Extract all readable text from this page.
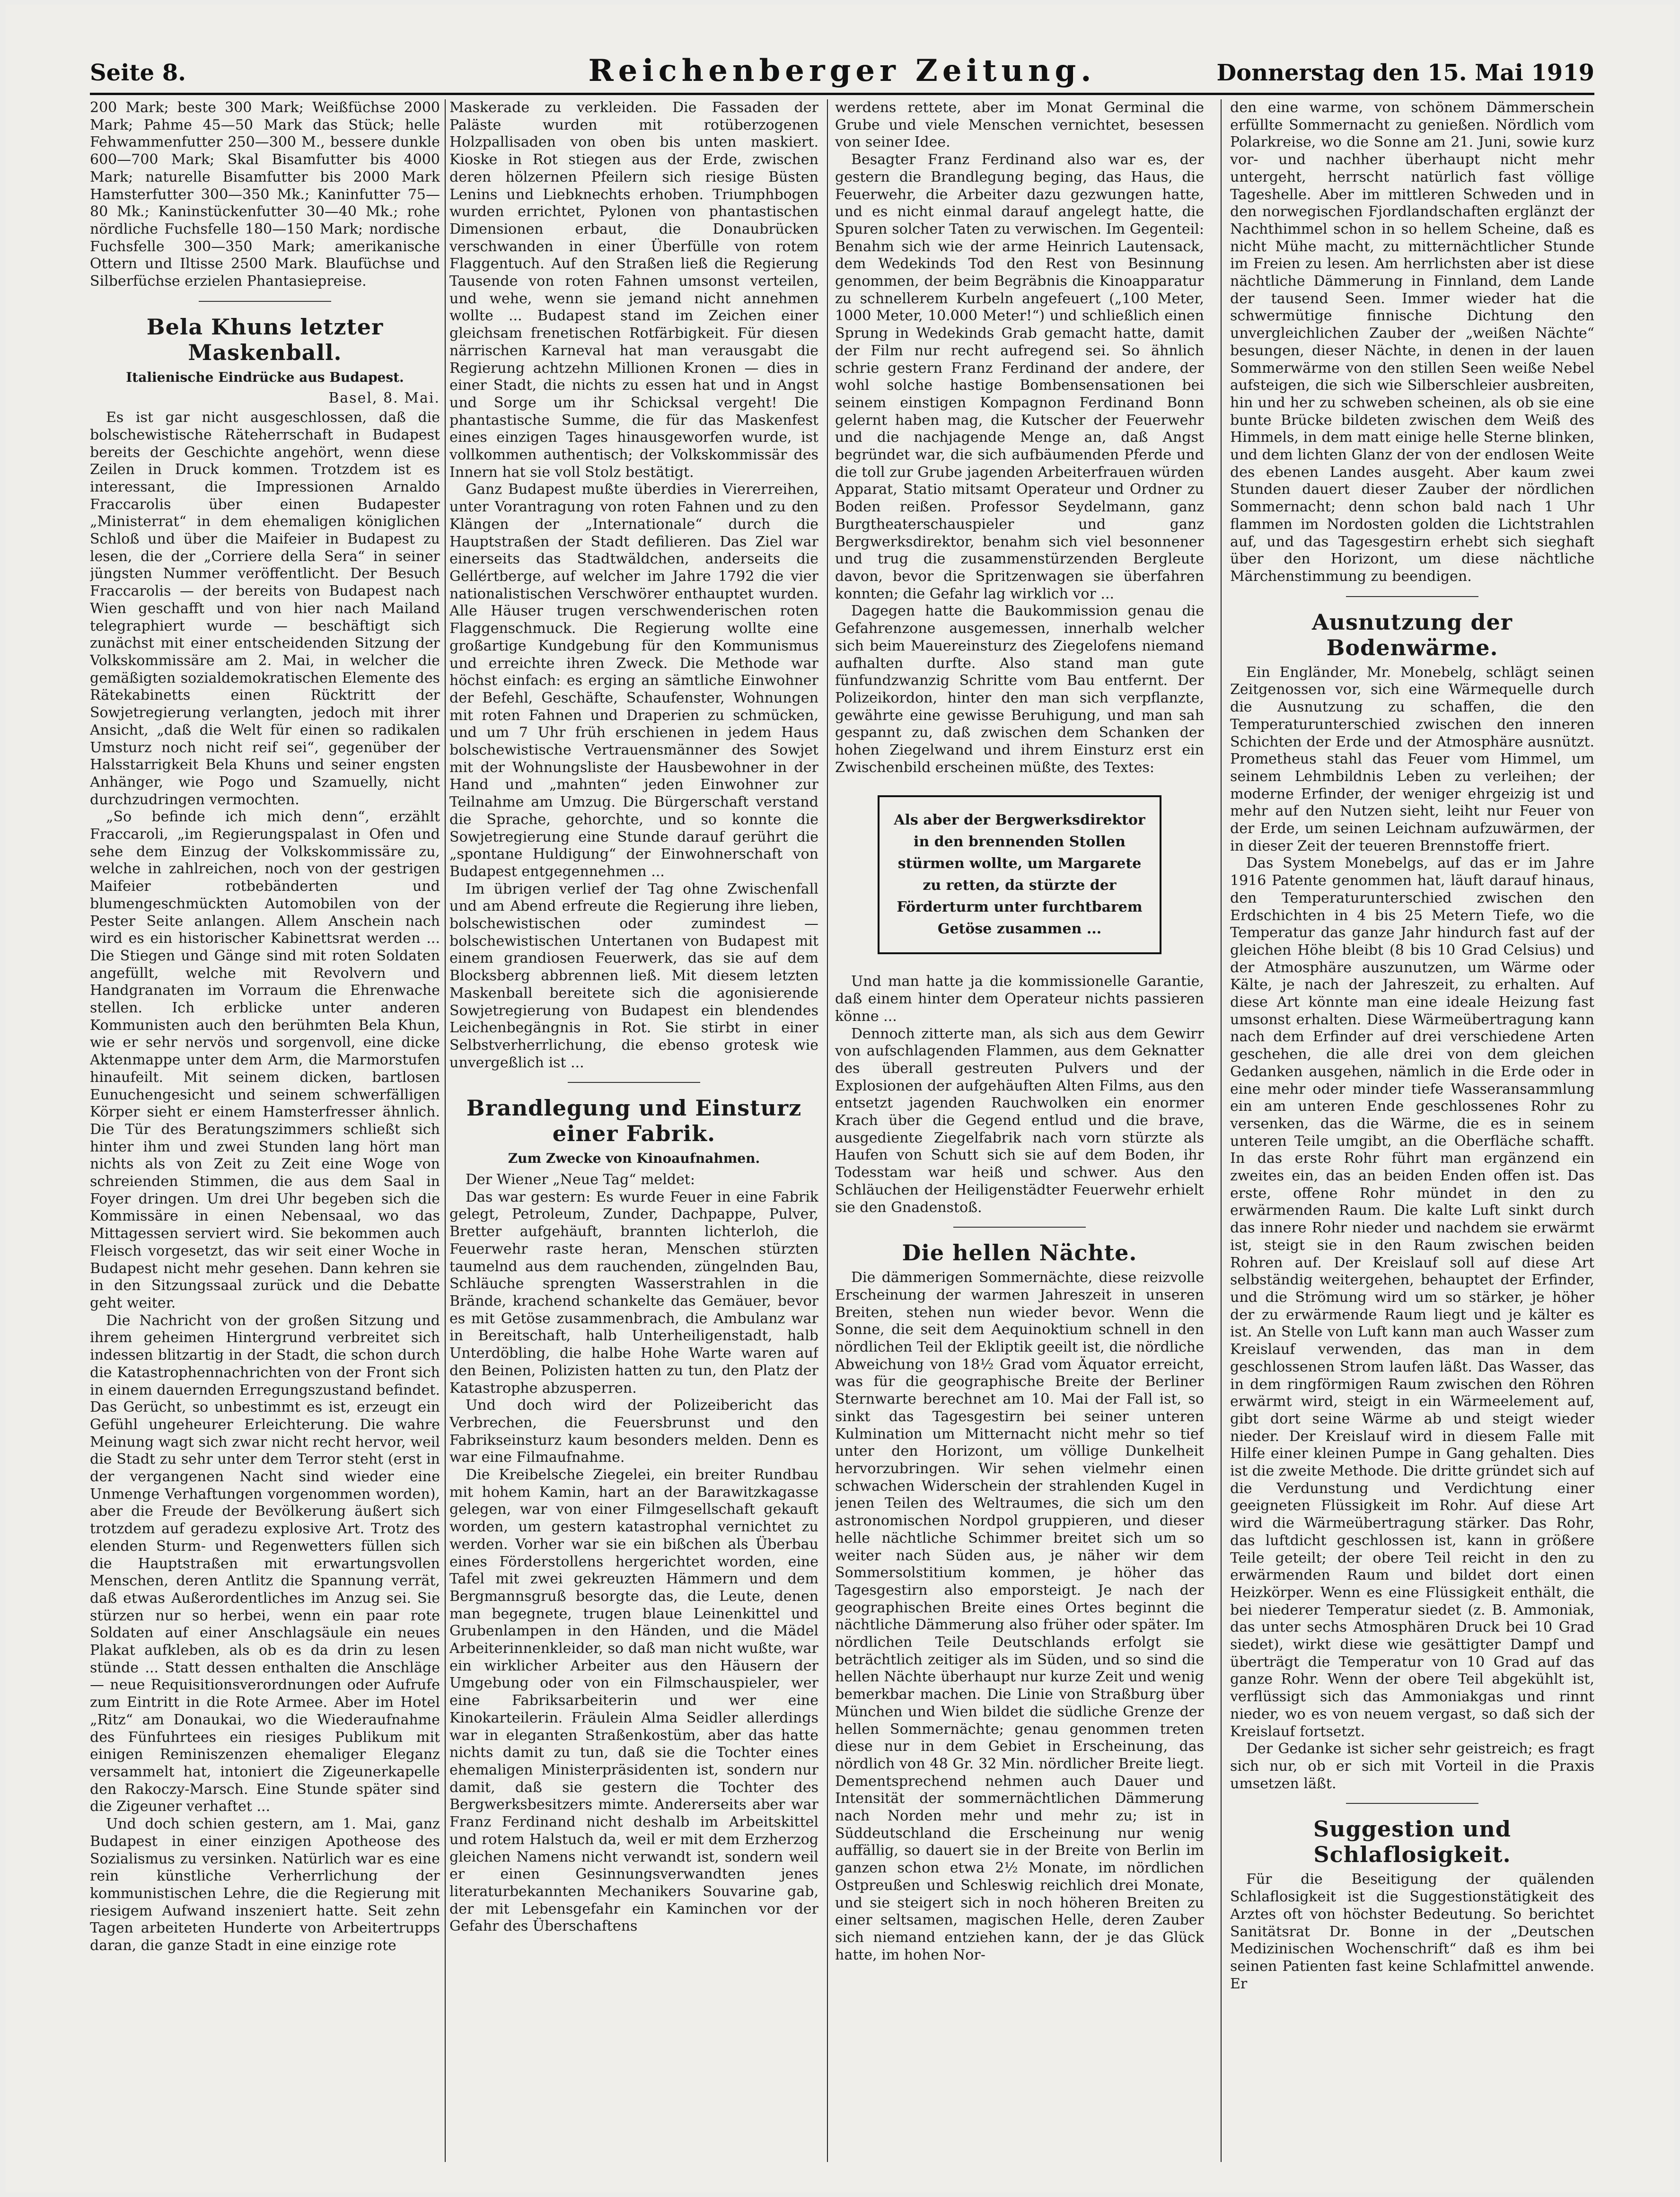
Seite 8.	Reichenberger Zeitung.	Donnerstag den 15. Mai 1919

200 Mark; beste 300 Mark; Weißfüchse 2000 Mark; Pahme 45—50 Mark das Stück; helle Fehwammenfutter 250—300 M., bessere dunkle 600—700 Mark; Skal Bisamfutter bis 4000 Mark; naturelle Bisamfutter bis 2000 Mark Hamsterfutter 300—350 Mk.; Kaninfutter 75—80 Mk.; Kaninstückenfutter 30—40 Mk.; rohe nördliche Fuchsfelle 180—150 Mark; nordische Fuchsfelle 300—350 Mark; amerikanische Ottern und Iltisse 2500 Mark. Blaufüchse und Silberfüchse erzielen Phantasiepreise.

Bela Khuns letzter Maskenball.
Italienische Eindrücke aus Budapest.
Basel, 8. Mai.

Es ist gar nicht ausgeschlossen, daß die bolschewistische Räteherrschaft in Budapest bereits der Geschichte angehört, wenn diese Zeilen in Druck kommen. Trotzdem ist es interessant, die Impressionen Arnaldo Fraccarolis über einen Budapester „Ministerrat“ in dem ehemaligen königlichen Schloß und über die Maifeier in Budapest zu lesen, die der „Corriere della Sera“ in seiner jüngsten Nummer veröffentlicht. Der Besuch Fraccarolis — der bereits von Budapest nach Wien geschafft und von hier nach Mailand telegraphiert wurde — beschäftigt sich zunächst mit einer entscheidenden Sitzung der Volkskommissäre am 2. Mai, in welcher die gemäßigten sozialdemokratischen Elemente des Rätekabinetts einen Rücktritt der Sowjetregierung verlangten, jedoch mit ihrer Ansicht, „daß die Welt für einen so radikalen Umsturz noch nicht reif sei“, gegenüber der Halsstarrigkeit Bela Khuns und seiner engsten Anhänger, wie Pogo und Szamuelly, nicht durchzudringen vermochten.

„So befinde ich mich denn“, erzählt Fraccaroli, „im Regierungspalast in Ofen und sehe dem Einzug der Volkskommissäre zu, welche in zahlreichen, noch von der gestrigen Maifeier rotbebänderten und blumengeschmückten Automobilen von der Pester Seite anlangen. Allem Anschein nach wird es ein historischer Kabinettsrat werden ... Die Stiegen und Gänge sind mit roten Soldaten angefüllt, welche mit Revolvern und Handgranaten im Vorraum die Ehrenwache stellen. Ich erblicke unter anderen Kommunisten auch den berühmten Bela Khun, wie er sehr nervös und sorgenvoll, eine dicke Aktenmappe unter dem Arm, die Marmorstufen hinaufeilt. Mit seinem dicken, bartlosen Eunuchengesicht und seinem schwerfälligen Körper sieht er einem Hamsterfresser ähnlich. Die Tür des Beratungszimmers schließt sich hinter ihm und zwei Stunden lang hört man nichts als von Zeit zu Zeit eine Woge von schreienden Stimmen, die aus dem Saal in Foyer dringen. Um drei Uhr begeben sich die Kommissäre in einen Nebensaal, wo das Mittagessen serviert wird. Sie bekommen auch Fleisch vorgesetzt, das wir seit einer Woche in Budapest nicht mehr gesehen. Dann kehren sie in den Sitzungssaal zurück und die Debatte geht weiter.

Die Nachricht von der großen Sitzung und ihrem geheimen Hintergrund verbreitet sich indessen blitzartig in der Stadt, die schon durch die Katastrophennachrichten von der Front sich in einem dauernden Erregungszustand befindet. Das Gerücht, so unbestimmt es ist, erzeugt ein Gefühl ungeheurer Erleichterung. Die wahre Meinung wagt sich zwar nicht recht hervor, weil die Stadt zu sehr unter dem Terror steht (erst in der vergangenen Nacht sind wieder eine Unmenge Verhaftungen vorgenommen worden), aber die Freude der Bevölkerung äußert sich trotzdem auf geradezu explosive Art. Trotz des elenden Sturm- und Regenwetters füllen sich die Hauptstraßen mit erwartungsvollen Menschen, deren Antlitz die Spannung verrät, daß etwas Außerordentliches im Anzug sei. Sie stürzen nur so herbei, wenn ein paar rote Soldaten auf einer Anschlagsäule ein neues Plakat aufkleben, als ob es da drin zu lesen stünde ... Statt dessen enthalten die Anschläge — neue Requisitionsverordnungen oder Aufrufe zum Eintritt in die Rote Armee. Aber im Hotel „Ritz“ am Donaukai, wo die Wiederaufnahme des Fünfuhrtees ein riesiges Publikum mit einigen Reminiszenzen ehemaliger Eleganz versammelt hat, intoniert die Zigeunerkapelle den Rakoczy-Marsch. Eine Stunde später sind die Zigeuner verhaftet ...

Und doch schien gestern, am 1. Mai, ganz Budapest in einer einzigen Apotheose des Sozialismus zu versinken. Natürlich war es eine rein künstliche Verherrlichung der kommunistischen Lehre, die die Regierung mit riesigem Aufwand inszeniert hatte. Seit zehn Tagen arbeiteten Hunderte von Arbeitertrupps daran, die ganze Stadt in eine einzige rote

Maskerade zu verkleiden. Die Fassaden der Paläste wurden mit rotüberzogenen Holzpallisaden von oben bis unten maskiert. Kioske in Rot stiegen aus der Erde, zwischen deren hölzernen Pfeilern sich riesige Büsten Lenins und Liebknechts erhoben. Triumphbogen wurden errichtet, Pylonen von phantastischen Dimensionen erbaut, die Donaubrücken verschwanden in einer Überfülle von rotem Flaggentuch. Auf den Straßen ließ die Regierung Tausende von roten Fahnen umsonst verteilen, und wehe, wenn sie jemand nicht annehmen wollte ... Budapest stand im Zeichen einer gleichsam frenetischen Rotfärbigkeit. Für diesen närrischen Karneval hat man verausgabt die Regierung achtzehn Millionen Kronen — dies in einer Stadt, die nichts zu essen hat und in Angst und Sorge um ihr Schicksal vergeht! Die phantastische Summe, die für das Maskenfest eines einzigen Tages hinausgeworfen wurde, ist vollkommen authentisch; der Volkskommissär des Innern hat sie voll Stolz bestätigt.

Ganz Budapest mußte überdies in Viererreihen, unter Vorantragung von roten Fahnen und zu den Klängen der „Internationale“ durch die Hauptstraßen der Stadt defilieren. Das Ziel war einerseits das Stadtwäldchen, anderseits die Gellértberge, auf welcher im Jahre 1792 die vier nationalistischen Verschwörer enthauptet wurden. Alle Häuser trugen verschwenderischen roten Flaggenschmuck. Die Regierung wollte eine großartige Kundgebung für den Kommunismus und erreichte ihren Zweck. Die Methode war höchst einfach: es erging an sämtliche Einwohner der Befehl, Geschäfte, Schaufenster, Wohnungen mit roten Fahnen und Draperien zu schmücken, und um 7 Uhr früh erschienen in jedem Haus bolschewistische Vertrauensmänner des Sowjet mit der Wohnungsliste der Hausbewohner in der Hand und „mahnten“ jeden Einwohner zur Teilnahme am Umzug. Die Bürgerschaft verstand die Sprache, gehorchte, und so konnte die Sowjetregierung eine Stunde darauf gerührt die „spontane Huldigung“ der Einwohnerschaft von Budapest entgegennehmen ...

Im übrigen verlief der Tag ohne Zwischenfall und am Abend erfreute die Regierung ihre lieben, bolschewistischen oder zumindest — bolschewistischen Untertanen von Budapest mit einem grandiosen Feuerwerk, das sie auf dem Blocksberg abbrennen ließ. Mit diesem letzten Maskenball bereitete sich die agonisierende Sowjetregierung von Budapest ein blendendes Leichenbegängnis in Rot. Sie stirbt in einer Selbstverherrlichung, die ebenso grotesk wie unvergeßlich ist ...

Brandlegung und Einsturz einer Fabrik.
Zum Zwecke von Kinoaufnahmen.

Der Wiener „Neue Tag“ meldet:

Das war gestern: Es wurde Feuer in eine Fabrik gelegt, Petroleum, Zunder, Dachpappe, Pulver, Bretter aufgehäuft, brannten lichterloh, die Feuerwehr raste heran, Menschen stürzten taumelnd aus dem rauchenden, züngelnden Bau, Schläuche sprengten Wasserstrahlen in die Brände, krachend schankelte das Gemäuer, bevor es mit Getöse zusammenbrach, die Ambulanz war in Bereitschaft, halb Unterheiligenstadt, halb Unterdöbling, die halbe Hohe Warte waren auf den Beinen, Polizisten hatten zu tun, den Platz der Katastrophe abzusperren.

Und doch wird der Polizeibericht das Verbrechen, die Feuersbrunst und den Fabrikseinsturz kaum besonders melden. Denn es war eine Filmaufnahme.

Die Kreibelsche Ziegelei, ein breiter Rundbau mit hohem Kamin, hart an der Barawitzkagasse gelegen, war von einer Filmgesellschaft gekauft worden, um gestern katastrophal vernichtet zu werden. Vorher war sie ein bißchen als Überbau eines Förderstollens hergerichtet worden, eine Tafel mit zwei gekreuzten Hämmern und dem Bergmannsgruß besorgte das, die Leute, denen man begegnete, trugen blaue Leinenkittel und Grubenlampen in den Händen, und die Mädel Arbeiterinnenkleider, so daß man nicht wußte, war ein wirklicher Arbeiter aus den Häusern der Umgebung oder von ein Filmschauspieler, wer eine Fabriksarbeiterin und wer eine Kinokarteilerin. Fräulein Alma Seidler allerdings war in eleganten Straßenkostüm, aber das hatte nichts damit zu tun, daß sie die Tochter eines ehemaligen Ministerpräsidenten ist, sondern nur damit, daß sie gestern die Tochter des Bergwerksbesitzers mimte. Andererseits aber war Franz Ferdinand nicht deshalb im Arbeitskittel und rotem Halstuch da, weil er mit dem Erzherzog gleichen Namens nicht verwandt ist, sondern weil er einen Gesinnungsverwandten jenes literaturbekannten Mechanikers Souvarine gab, der mit Lebensgefahr ein Kaminchen vor der Gefahr des Überschaftens

werdens rettete, aber im Monat Germinal die Grube und viele Menschen vernichtet, besessen von seiner Idee.

Besagter Franz Ferdinand also war es, der gestern die Brandlegung beging, das Haus, die Feuerwehr, die Arbeiter dazu gezwungen hatte, und es nicht einmal darauf angelegt hatte, die Spuren solcher Taten zu verwischen. Im Gegenteil: Benahm sich wie der arme Heinrich Lautensack, dem Wedekinds Tod den Rest von Besinnung genommen, der beim Begräbnis die Kinoapparatur zu schnellerem Kurbeln angefeuert („100 Meter, 1000 Meter, 10.000 Meter!“) und schließlich einen Sprung in Wedekinds Grab gemacht hatte, damit der Film nur recht aufregend sei. So ähnlich schrie gestern Franz Ferdinand der andere, der wohl solche hastige Bombensensationen bei seinem einstigen Kompagnon Ferdinand Bonn gelernt haben mag, die Kutscher der Feuerwehr und die nachjagende Menge an, daß Angst begründet war, die sich aufbäumenden Pferde und die toll zur Grube jagenden Arbeiterfrauen würden Apparat, Statio mitsamt Operateur und Ordner zu Boden reißen. Professor Seydelmann, ganz Burgtheaterschauspieler und ganz Bergwerksdirektor, benahm sich viel besonnener und trug die zusammenstürzenden Bergleute davon, bevor die Spritzenwagen sie überfahren konnten; die Gefahr lag wirklich vor ...

Dagegen hatte die Baukommission genau die Gefahrenzone ausgemessen, innerhalb welcher sich beim Mauereinsturz des Ziegelofens niemand aufhalten durfte. Also stand man gute fünfundzwanzig Schritte vom Bau entfernt. Der Polizeikordon, hinter den man sich verpflanzte, gewährte eine gewisse Beruhigung, und man sah gespannt zu, daß zwischen dem Schanken der hohen Ziegelwand und ihrem Einsturz erst ein Zwischenbild erscheinen müßte, des Textes:

Als aber der Bergwerksdirektor in den brennenden Stollen stürmen wollte, um Margarete zu retten, da stürzte der Förderturm unter furchtbarem Getöse zusammen ...

Und man hatte ja die kommissionelle Garantie, daß einem hinter dem Operateur nichts passieren könne ...

Dennoch zitterte man, als sich aus dem Gewirr von aufschlagenden Flammen, aus dem Geknatter des überall gestreuten Pulvers und der Explosionen der aufgehäuften Alten Films, aus den entsetzt jagenden Rauchwolken ein enormer Krach über die Gegend entlud und die brave, ausgediente Ziegelfabrik nach vorn stürzte als Haufen von Schutt sich sie auf dem Boden, ihr Todesstam war heiß und schwer. Aus den Schläuchen der Heiligenstädter Feuerwehr erhielt sie den Gnadenstoß.

Die hellen Nächte.

Die dämmerigen Sommernächte, diese reizvolle Erscheinung der warmen Jahreszeit in unseren Breiten, stehen nun wieder bevor. Wenn die Sonne, die seit dem Aequinoktium schnell in den nördlichen Teil der Ekliptik geeilt ist, die nördliche Abweichung von 18½ Grad vom Äquator erreicht, was für die geographische Breite der Berliner Sternwarte berechnet am 10. Mai der Fall ist, so sinkt das Tagesgestirn bei seiner unteren Kulmination um Mitternacht nicht mehr so tief unter den Horizont, um völlige Dunkelheit hervorzubringen. Wir sehen vielmehr einen schwachen Widerschein der strahlenden Kugel in jenen Teilen des Weltraumes, die sich um den astronomischen Nordpol gruppieren, und dieser helle nächtliche Schimmer breitet sich um so weiter nach Süden aus, je näher wir dem Sommersolstitium kommen, je höher das Tagesgestirn also emporsteigt. Je nach der geographischen Breite eines Ortes beginnt die nächtliche Dämmerung also früher oder später. Im nördlichen Teile Deutschlands erfolgt sie beträchtlich zeitiger als im Süden, und so sind die hellen Nächte überhaupt nur kurze Zeit und wenig bemerkbar machen. Die Linie von Straßburg über München und Wien bildet die südliche Grenze der hellen Sommernächte; genau genommen treten diese nur in dem Gebiet in Erscheinung, das nördlich von 48 Gr. 32 Min. nördlicher Breite liegt. Dementsprechend nehmen auch Dauer und Intensität der sommernächtlichen Dämmerung nach Norden mehr und mehr zu; ist in Süddeutschland die Erscheinung nur wenig auffällig, so dauert sie in der Breite von Berlin im ganzen schon etwa 2½ Monate, im nördlichen Ostpreußen und Schleswig reichlich drei Monate, und sie steigert sich in noch höheren Breiten zu einer seltsamen, magischen Helle, deren Zauber sich niemand entziehen kann, der je das Glück hatte, im hohen Nor-

den eine warme, von schönem Dämmerschein erfüllte Sommernacht zu genießen. Nördlich vom Polarkreise, wo die Sonne am 21. Juni, sowie kurz vor- und nachher überhaupt nicht mehr untergeht, herrscht natürlich fast völlige Tageshelle. Aber im mittleren Schweden und in den norwegischen Fjordlandschaften erglänzt der Nachthimmel schon in so hellem Scheine, daß es nicht Mühe macht, zu mitternächtlicher Stunde im Freien zu lesen. Am herrlichsten aber ist diese nächtliche Dämmerung in Finnland, dem Lande der tausend Seen. Immer wieder hat die schwermütige finnische Dichtung den unvergleichlichen Zauber der „weißen Nächte“ besungen, dieser Nächte, in denen in der lauen Sommerwärme von den stillen Seen weiße Nebel aufsteigen, die sich wie Silberschleier ausbreiten, hin und her zu schweben scheinen, als ob sie eine bunte Brücke bildeten zwischen dem Weiß des Himmels, in dem matt einige helle Sterne blinken, und dem lichten Glanz der von der endlosen Weite des ebenen Landes ausgeht. Aber kaum zwei Stunden dauert dieser Zauber der nördlichen Sommernacht; denn schon bald nach 1 Uhr flammen im Nordosten golden die Lichtstrahlen auf, und das Tagesgestirn erhebt sich sieghaft über den Horizont, um diese nächtliche Märchenstimmung zu beendigen.

Ausnutzung der Bodenwärme.

Ein Engländer, Mr. Monebelg, schlägt seinen Zeitgenossen vor, sich eine Wärmequelle durch die Ausnutzung zu schaffen, die den Temperaturunterschied zwischen den inneren Schichten der Erde und der Atmosphäre ausnützt. Prometheus stahl das Feuer vom Himmel, um seinem Lehmbildnis Leben zu verleihen; der moderne Erfinder, der weniger ehrgeizig ist und mehr auf den Nutzen sieht, leiht nur Feuer von der Erde, um seinen Leichnam aufzuwärmen, der in dieser Zeit der teueren Brennstoffe friert.

Das System Monebelgs, auf das er im Jahre 1916 Patente genommen hat, läuft darauf hinaus, den Temperaturunterschied zwischen den Erdschichten in 4 bis 25 Metern Tiefe, wo die Temperatur das ganze Jahr hindurch fast auf der gleichen Höhe bleibt (8 bis 10 Grad Celsius) und der Atmosphäre auszunutzen, um Wärme oder Kälte, je nach der Jahreszeit, zu erhalten. Auf diese Art könnte man eine ideale Heizung fast umsonst erhalten. Diese Wärmeübertragung kann nach dem Erfinder auf drei verschiedene Arten geschehen, die alle drei von dem gleichen Gedanken ausgehen, nämlich in die Erde oder in eine mehr oder minder tiefe Wasseransammlung ein am unteren Ende geschlossenes Rohr zu versenken, das die Wärme, die es in seinem unteren Teile umgibt, an die Oberfläche schafft. In das erste Rohr führt man ergänzend ein zweites ein, das an beiden Enden offen ist. Das erste, offene Rohr mündet in den zu erwärmenden Raum. Die kalte Luft sinkt durch das innere Rohr nieder und nachdem sie erwärmt ist, steigt sie in den Raum zwischen beiden Rohren auf. Der Kreislauf soll auf diese Art selbständig weitergehen, behauptet der Erfinder, und die Strömung wird um so stärker, je höher der zu erwärmende Raum liegt und je kälter es ist. An Stelle von Luft kann man auch Wasser zum Kreislauf verwenden, das man in dem geschlossenen Strom laufen läßt. Das Wasser, das in dem ringförmigen Raum zwischen den Röhren erwärmt wird, steigt in ein Wärmeelement auf, gibt dort seine Wärme ab und steigt wieder nieder. Der Kreislauf wird in diesem Falle mit Hilfe einer kleinen Pumpe in Gang gehalten. Dies ist die zweite Methode. Die dritte gründet sich auf die Verdunstung und Verdichtung einer geeigneten Flüssigkeit im Rohr. Auf diese Art wird die Wärmeübertragung stärker. Das Rohr, das luftdicht geschlossen ist, kann in größere Teile geteilt; der obere Teil reicht in den zu erwärmenden Raum und bildet dort einen Heizkörper. Wenn es eine Flüssigkeit enthält, die bei niederer Temperatur siedet (z. B. Ammoniak, das unter sechs Atmosphären Druck bei 10 Grad siedet), wirkt diese wie gesättigter Dampf und überträgt die Temperatur von 10 Grad auf das ganze Rohr. Wenn der obere Teil abgekühlt ist, verflüssigt sich das Ammoniakgas und rinnt nieder, wo es von neuem vergast, so daß sich der Kreislauf fortsetzt.

Der Gedanke ist sicher sehr geistreich; es fragt sich nur, ob er sich mit Vorteil in die Praxis umsetzen läßt.

Suggestion und Schlaflosigkeit.

Für die Beseitigung der quälenden Schlaflosigkeit ist die Suggestionstätigkeit des Arztes oft von höchster Bedeutung. So berichtet Sanitätsrat Dr. Bonne in der „Deutschen Medizinischen Wochenschrift“ daß es ihm bei seinen Patienten fast keine Schlafmittel anwende. Er
